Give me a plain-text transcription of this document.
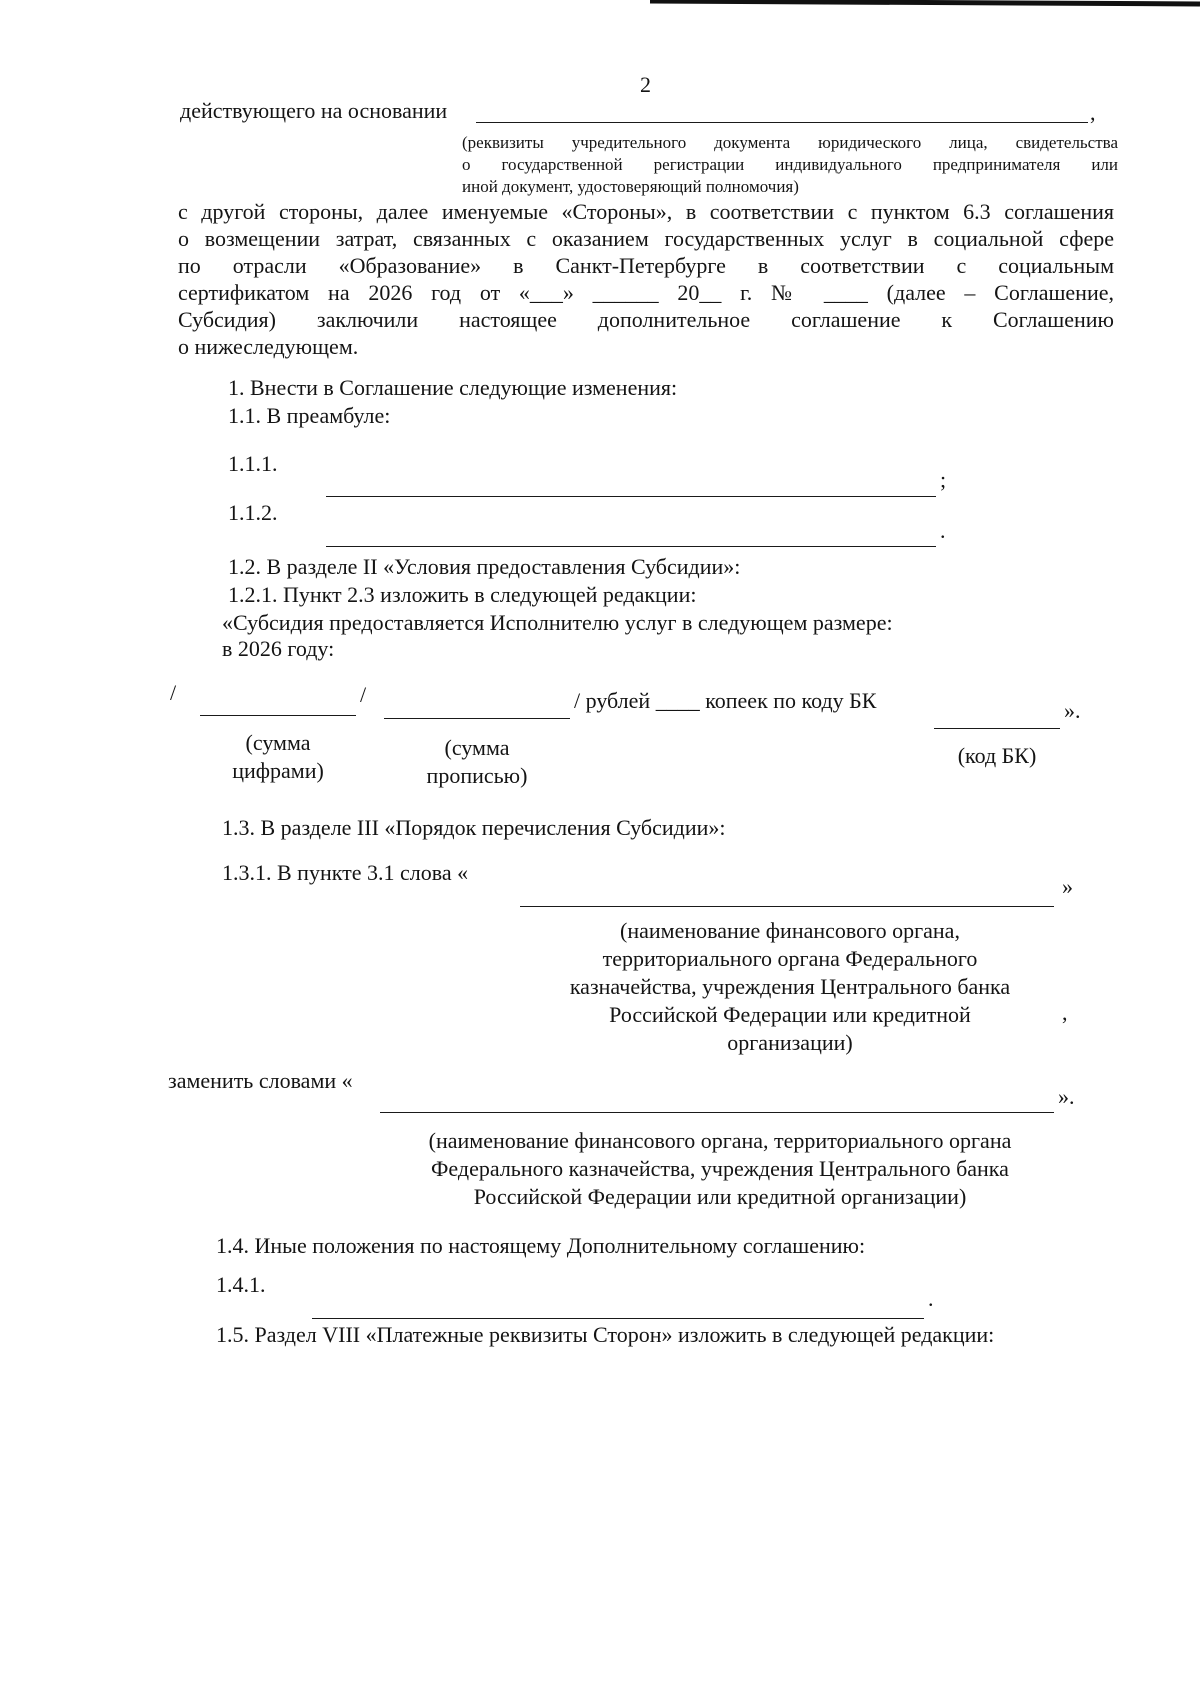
2
действующего на основании	,
(реквизиты учредительного документа юридического лица, свидетельства
о государственной регистрации индивидуального предпринимателя или
иной документ, удостоверяющий полномочия)
с другой стороны, далее именуемые «Стороны», в соответствии с пунктом 6.3 соглашения
о возмещении затрат, связанных с оказанием государственных услуг в социальной сфере
по отрасли «Образование» в Санкт-Петербурге в соответствии с социальным
сертификатом на 2026 год от «___» ______ 20__ г. № ____ (далее – Соглашение,
Субсидия) заключили настоящее дополнительное соглашение к Соглашению
о нижеследующем.
1. Внести в Соглашение следующие изменения:
1.1. В преамбуле:
1.1.1.
;
1.1.2.
.
1.2. В разделе II «Условия предоставления Субсидии»:
1.2.1. Пункт 2.3 изложить в следующей редакции:
«Субсидия предоставляется Исполнителю услуг в следующем размере:
в 2026 году:
/	/	/ рублей ____ копеек по коду БК	».
(сумма
цифрами)
(сумма
прописью)
(код БК)
1.3. В разделе III «Порядок перечисления Субсидии»:
1.3.1. В пункте 3.1 слова «
»
(наименование финансового органа,
территориального органа Федерального
казначейства, учреждения Центрального банка
Российской Федерации или кредитной
организации)
,
заменить словами «
».
(наименование финансового органа, территориального органа
Федерального казначейства, учреждения Центрального банка
Российской Федерации или кредитной организации)
1.4. Иные положения по настоящему Дополнительному соглашению:
1.4.1.
.
1.5. Раздел VIII «Платежные реквизиты Сторон» изложить в следующей редакции:
